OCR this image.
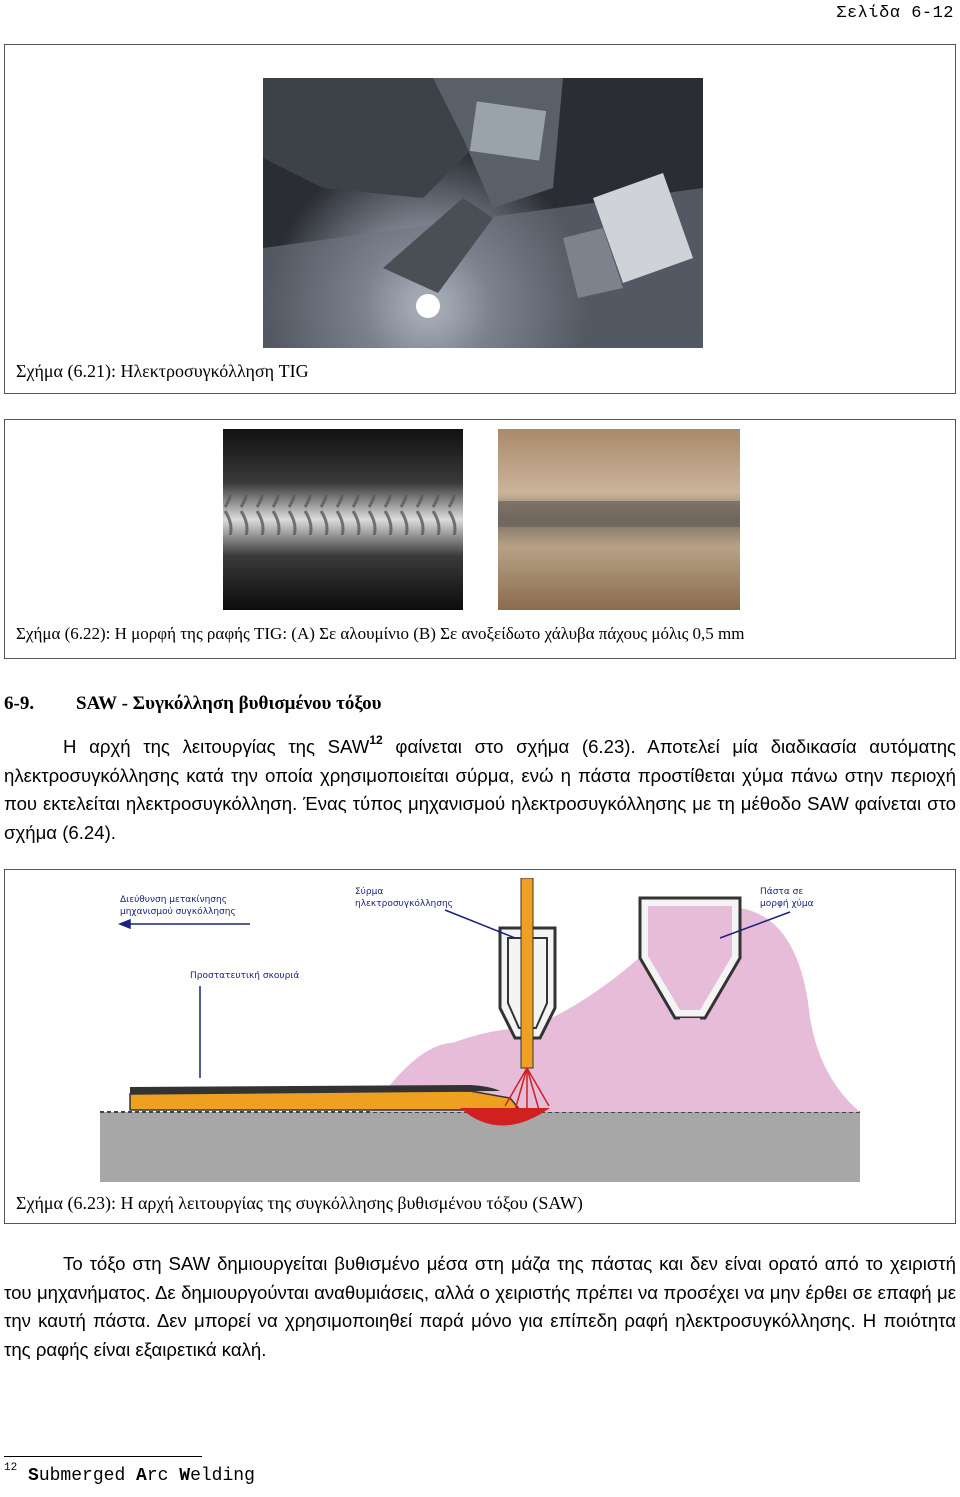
Σελίδα 6-12
Σχήμα (6.21): Ηλεκτροσυγκόλληση TIG
Σχήμα (6.22): Η μορφή της ραφής TIG: (Α) Σε αλουμίνιο (Β) Σε ανοξείδωτο χάλυβα πάχους μόλις 0,5 mm
6-9. SAW - Συγκόλληση βυθισμένου τόξου

Η αρχή της λειτουργίας της SAW$^{12}$ φαίνεται στο σχήμα (6.23). Αποτελεί μία διαδικασία αυτόματης ηλεκτροσυγκόλλησης κατά την οποία χρησιμοποιείται σύρμα, ενώ η πάστα προστίθεται χύμα πάνω στην περιοχή που εκτελείται ηλεκτροσυγκόλληση. Ένας τύπος μηχανισμού ηλεκτροσυγκόλλησης με τη μέθοδο SAW φαίνεται στο σχήμα (6.24).

Διεύθυνση μετακίνησης
μηχανισμού συγκόλλησης
Σύρμα
ηλεκτροσυγκόλλησης
Πάστα σε
μορφή χύμα
Προστατευτική σκουριά
Σχήμα (6.23): Η αρχή λειτουργίας της συγκόλλησης βυθισμένου τόξου (SAW)

Το τόξο στη SAW δημιουργείται βυθισμένο μέσα στη μάζα της πάστας και δεν είναι ορατό από το χειριστή του μηχανήματος. Δε δημιουργούνται αναθυμιάσεις, αλλά ο χειριστής πρέπει να προσέχει να μην έρθει σε επαφή με την καυτή πάστα. Δεν μπορεί να χρησιμοποιηθεί παρά μόνο για επίπεδη ραφή ηλεκτροσυγκόλλησης. Η ποιότητα της ραφής είναι εξαιρετικά καλή.

$^{12}$ Submerged Arc Welding
